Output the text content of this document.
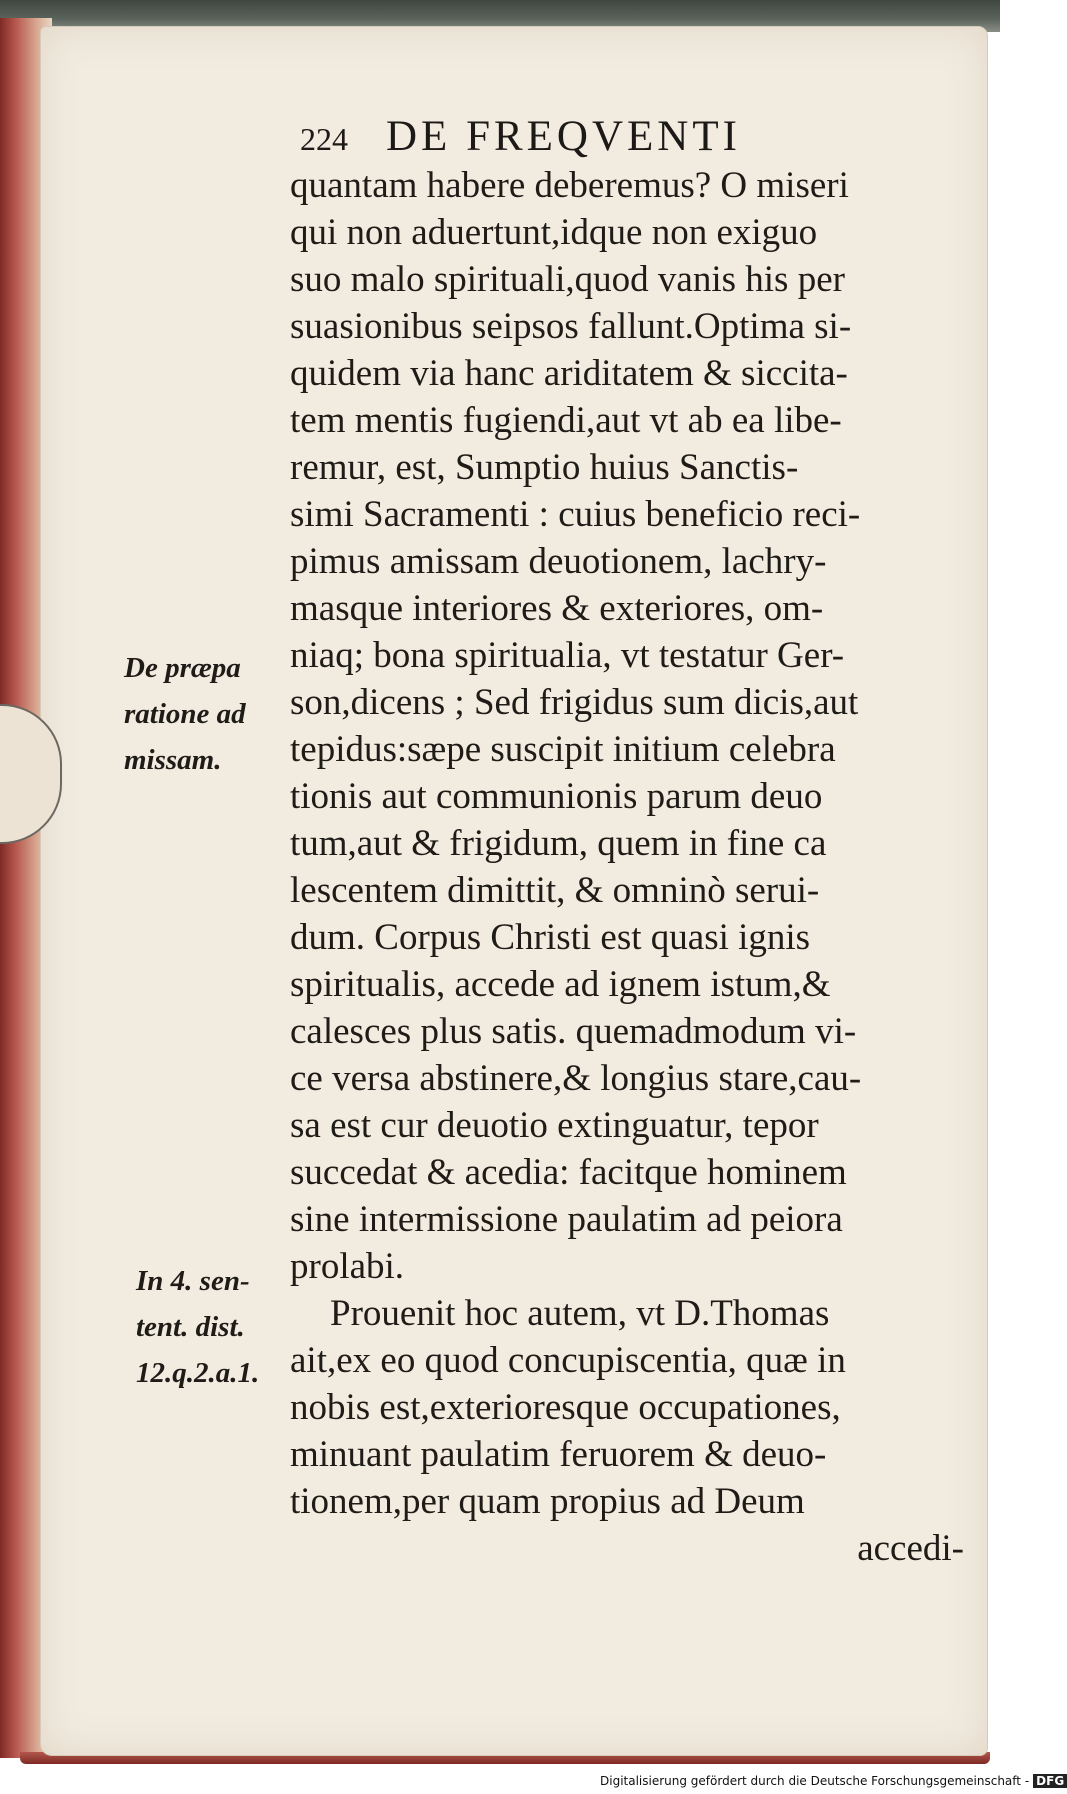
224 DE FREQVENTI
quantam habere deberemus? O miseri
qui non aduertunt,idque non exiguo
suo malo spirituali,quod vanis his per
suasionibus seipsos fallunt.Optima si-
quidem via hanc ariditatem & siccita-
tem mentis fugiendi,aut vt ab ea libe-
remur, est, Sumptio huius Sanctis-
simi Sacramenti : cuius beneficio reci-
pimus amissam deuotionem, lachry-
masque interiores & exteriores, om-
niaq; bona spiritualia, vt testatur Ger-
son,dicens ; Sed frigidus sum dicis,aut
tepidus:sæpe suscipit initium celebra
tionis aut communionis parum deuo
tum,aut & frigidum, quem in fine ca
lescentem dimittit, & omninò serui-
dum. Corpus Christi est quasi ignis
spiritualis, accede ad ignem istum,&
calesces plus satis. quemadmodum vi-
ce versa abstinere,& longius stare,cau-
sa est cur deuotio extinguatur, tepor
succedat & acedia: facitque hominem
sine intermissione paulatim ad peiora
prolabi.
Prouenit hoc autem, vt D.Thomas
ait,ex eo quod concupiscentia, quæ in
nobis est,exterioresque occupationes,
minuant paulatim feruorem & deuo-
tionem,per quam propius ad Deum
accedi-
De præpa
ratione ad
missam.
In 4. sen-
tent. dist.
12.q.2.a.1.
Digitalisierung gefördert durch die Deutsche Forschungsgemeinschaft - DFG
